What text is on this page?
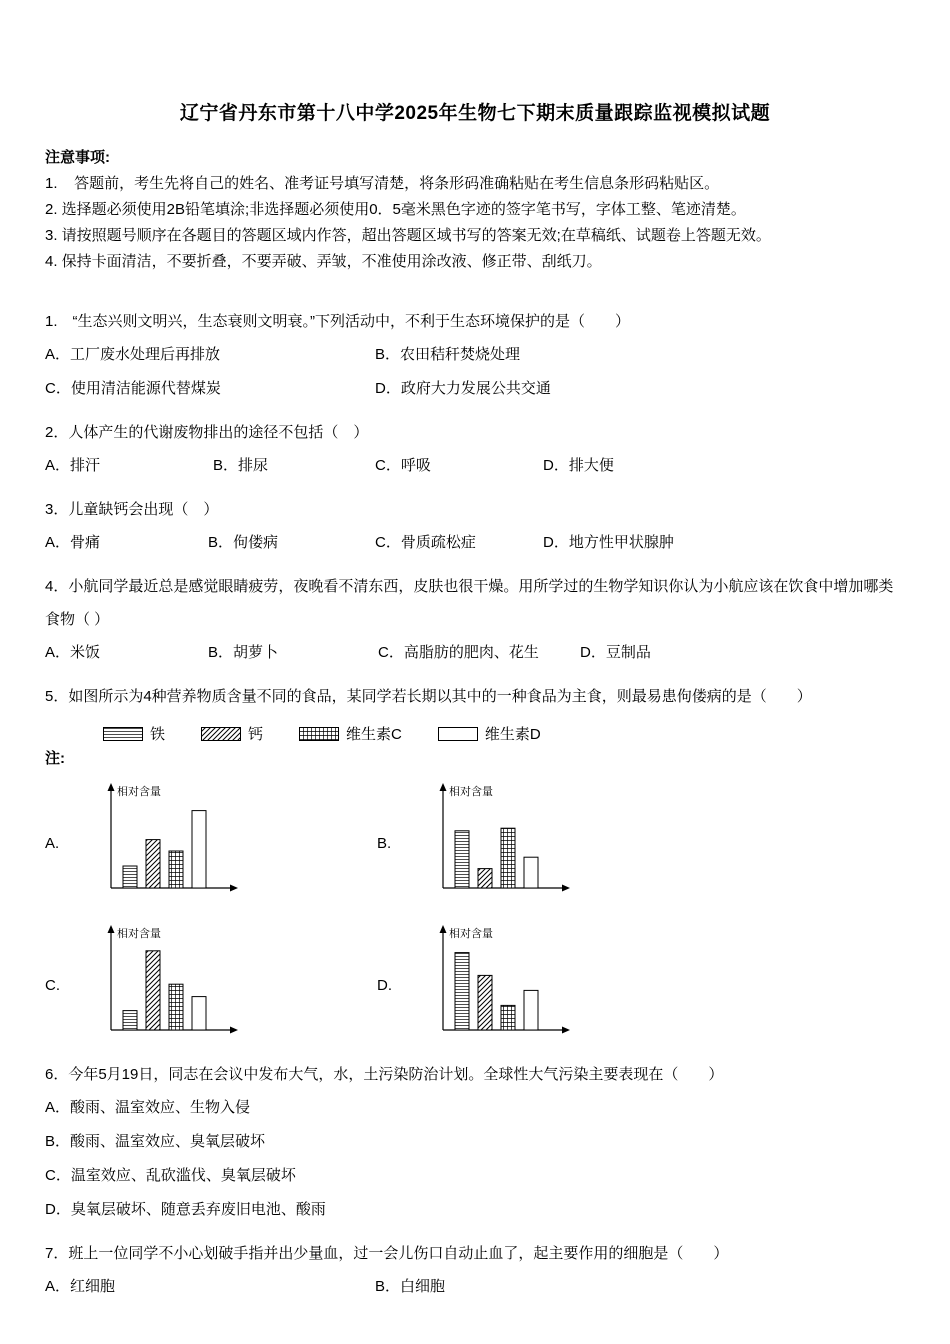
辽宁省丹东市第十八中学2025年生物七下期末质量跟踪监视模拟试题
注意事项:
1.    答题前，考生先将自己的姓名、准考证号填写清楚，将条形码准确粘贴在考生信息条形码粘贴区。
2. 选择题必须使用2B铅笔填涂;非选择题必须使用0．5毫米黑色字迹的签字笔书写，字体工整、笔迹清楚。
3. 请按照题号顺序在各题目的答题区域内作答，超出答题区域书写的答案无效;在草稿纸、试题卷上答题无效。
4. 保持卡面清洁，不要折叠，不要弄破、弄皱，不准使用涂改液、修正带、刮纸刀。
1.　“生态兴则文明兴，生态衰则文明衰。”下列活动中，不利于生态环境保护的是（　　）
A．工厂废水处理后再排放	B．农田秸秆焚烧处理
C．使用清洁能源代替煤炭	D．政府大力发展公共交通
2．人体产生的代谢废物排出的途径不包括（　）
A．排汗	B．排尿	C．呼吸	D．排大便
3．儿童缺钙会出现（　）
A．骨痛	B．佝偻病	C．骨质疏松症	D．地方性甲状腺肿
4．小航同学最近总是感觉眼睛疲劳，夜晚看不清东西，皮肤也很干燥。用所学过的生物学知识你认为小航应该在饮食中增加哪类食物（ ）
A．米饭	B．胡萝卜	C．高脂肪的肥肉、花生	D．豆制品
5．如图所示为4种营养物质含量不同的食品，某同学若长期以其中的一种食品为主食，则最易患佝偻病的是（　　）
铁	钙	维生素C	维生素D
注:
A.
相对含量
B.
相对含量
C.
相对含量
D.
相对含量
6．今年5月19日，同志在会议中发布大气，水，土污染防治计划。全球性大气污染主要表现在（　　）
A．酸雨、温室效应、生物入侵
B．酸雨、温室效应、臭氧层破坏
C．温室效应、乱砍滥伐、臭氧层破坏
D．臭氧层破坏、随意丢弃废旧电池、酸雨
7．班上一位同学不小心划破手指并出少量血，过一会儿伤口自动止血了，起主要作用的细胞是（　　）
A．红细胞	B．白细胞
